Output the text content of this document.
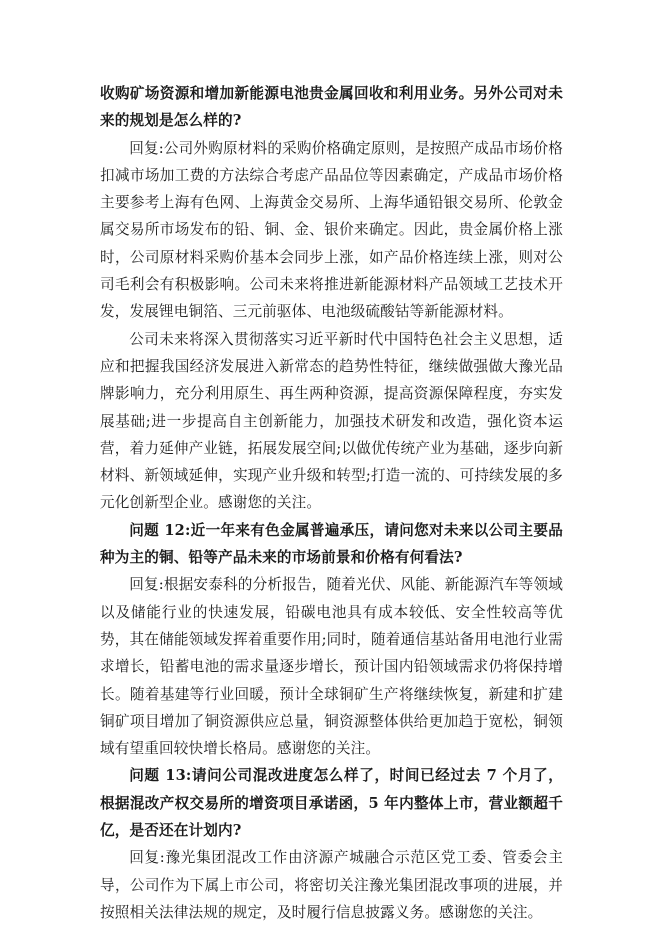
收购矿场资源和增加新能源电池贵金属回收和利用业务。另外公司对未来的规划是怎么样的?

回复:公司外购原材料的采购价格确定原则，是按照产成品市场价格扣减市场加工费的方法综合考虑产品品位等因素确定，产成品市场价格主要参考上海有色网、上海黄金交易所、上海华通铅银交易所、伦敦金属交易所市场发布的铅、铜、金、银价来确定。因此，贵金属价格上涨时，公司原材料采购价基本会同步上涨，如产品价格连续上涨，则对公司毛利会有积极影响。公司未来将推进新能源材料产品领域工艺技术开发，发展锂电铜箔、三元前驱体、电池级硫酸钴等新能源材料。

公司未来将深入贯彻落实习近平新时代中国特色社会主义思想，适应和把握我国经济发展进入新常态的趋势性特征，继续做强做大豫光品牌影响力，充分利用原生、再生两种资源，提高资源保障程度，夯实发展基础;进一步提高自主创新能力，加强技术研发和改造，强化资本运营，着力延伸产业链，拓展发展空间;以做优传统产业为基础，逐步向新材料、新领域延伸，实现产业升级和转型;打造一流的、可持续发展的多元化创新型企业。感谢您的关注。

问题 12:近一年来有色金属普遍承压，请问您对未来以公司主要品种为主的铜、铅等产品未来的市场前景和价格有何看法?

回复:根据安泰科的分析报告，随着光伏、风能、新能源汽车等领域以及储能行业的快速发展，铅碳电池具有成本较低、安全性较高等优势，其在储能领域发挥着重要作用;同时，随着通信基站备用电池行业需求增长，铅蓄电池的需求量逐步增长，预计国内铅领域需求仍将保持增长。随着基建等行业回暖，预计全球铜矿生产将继续恢复，新建和扩建铜矿项目增加了铜资源供应总量，铜资源整体供给更加趋于宽松，铜领域有望重回较快增长格局。感谢您的关注。

问题 13:请问公司混改进度怎么样了，时间已经过去 7 个月了，根据混改产权交易所的增资项目承诺函，5 年内整体上市，营业额超千亿，是否还在计划内?

回复:豫光集团混改工作由济源产城融合示范区党工委、管委会主导，公司作为下属上市公司，将密切关注豫光集团混改事项的进展，并按照相关法律法规的规定，及时履行信息披露义务。感谢您的关注。
